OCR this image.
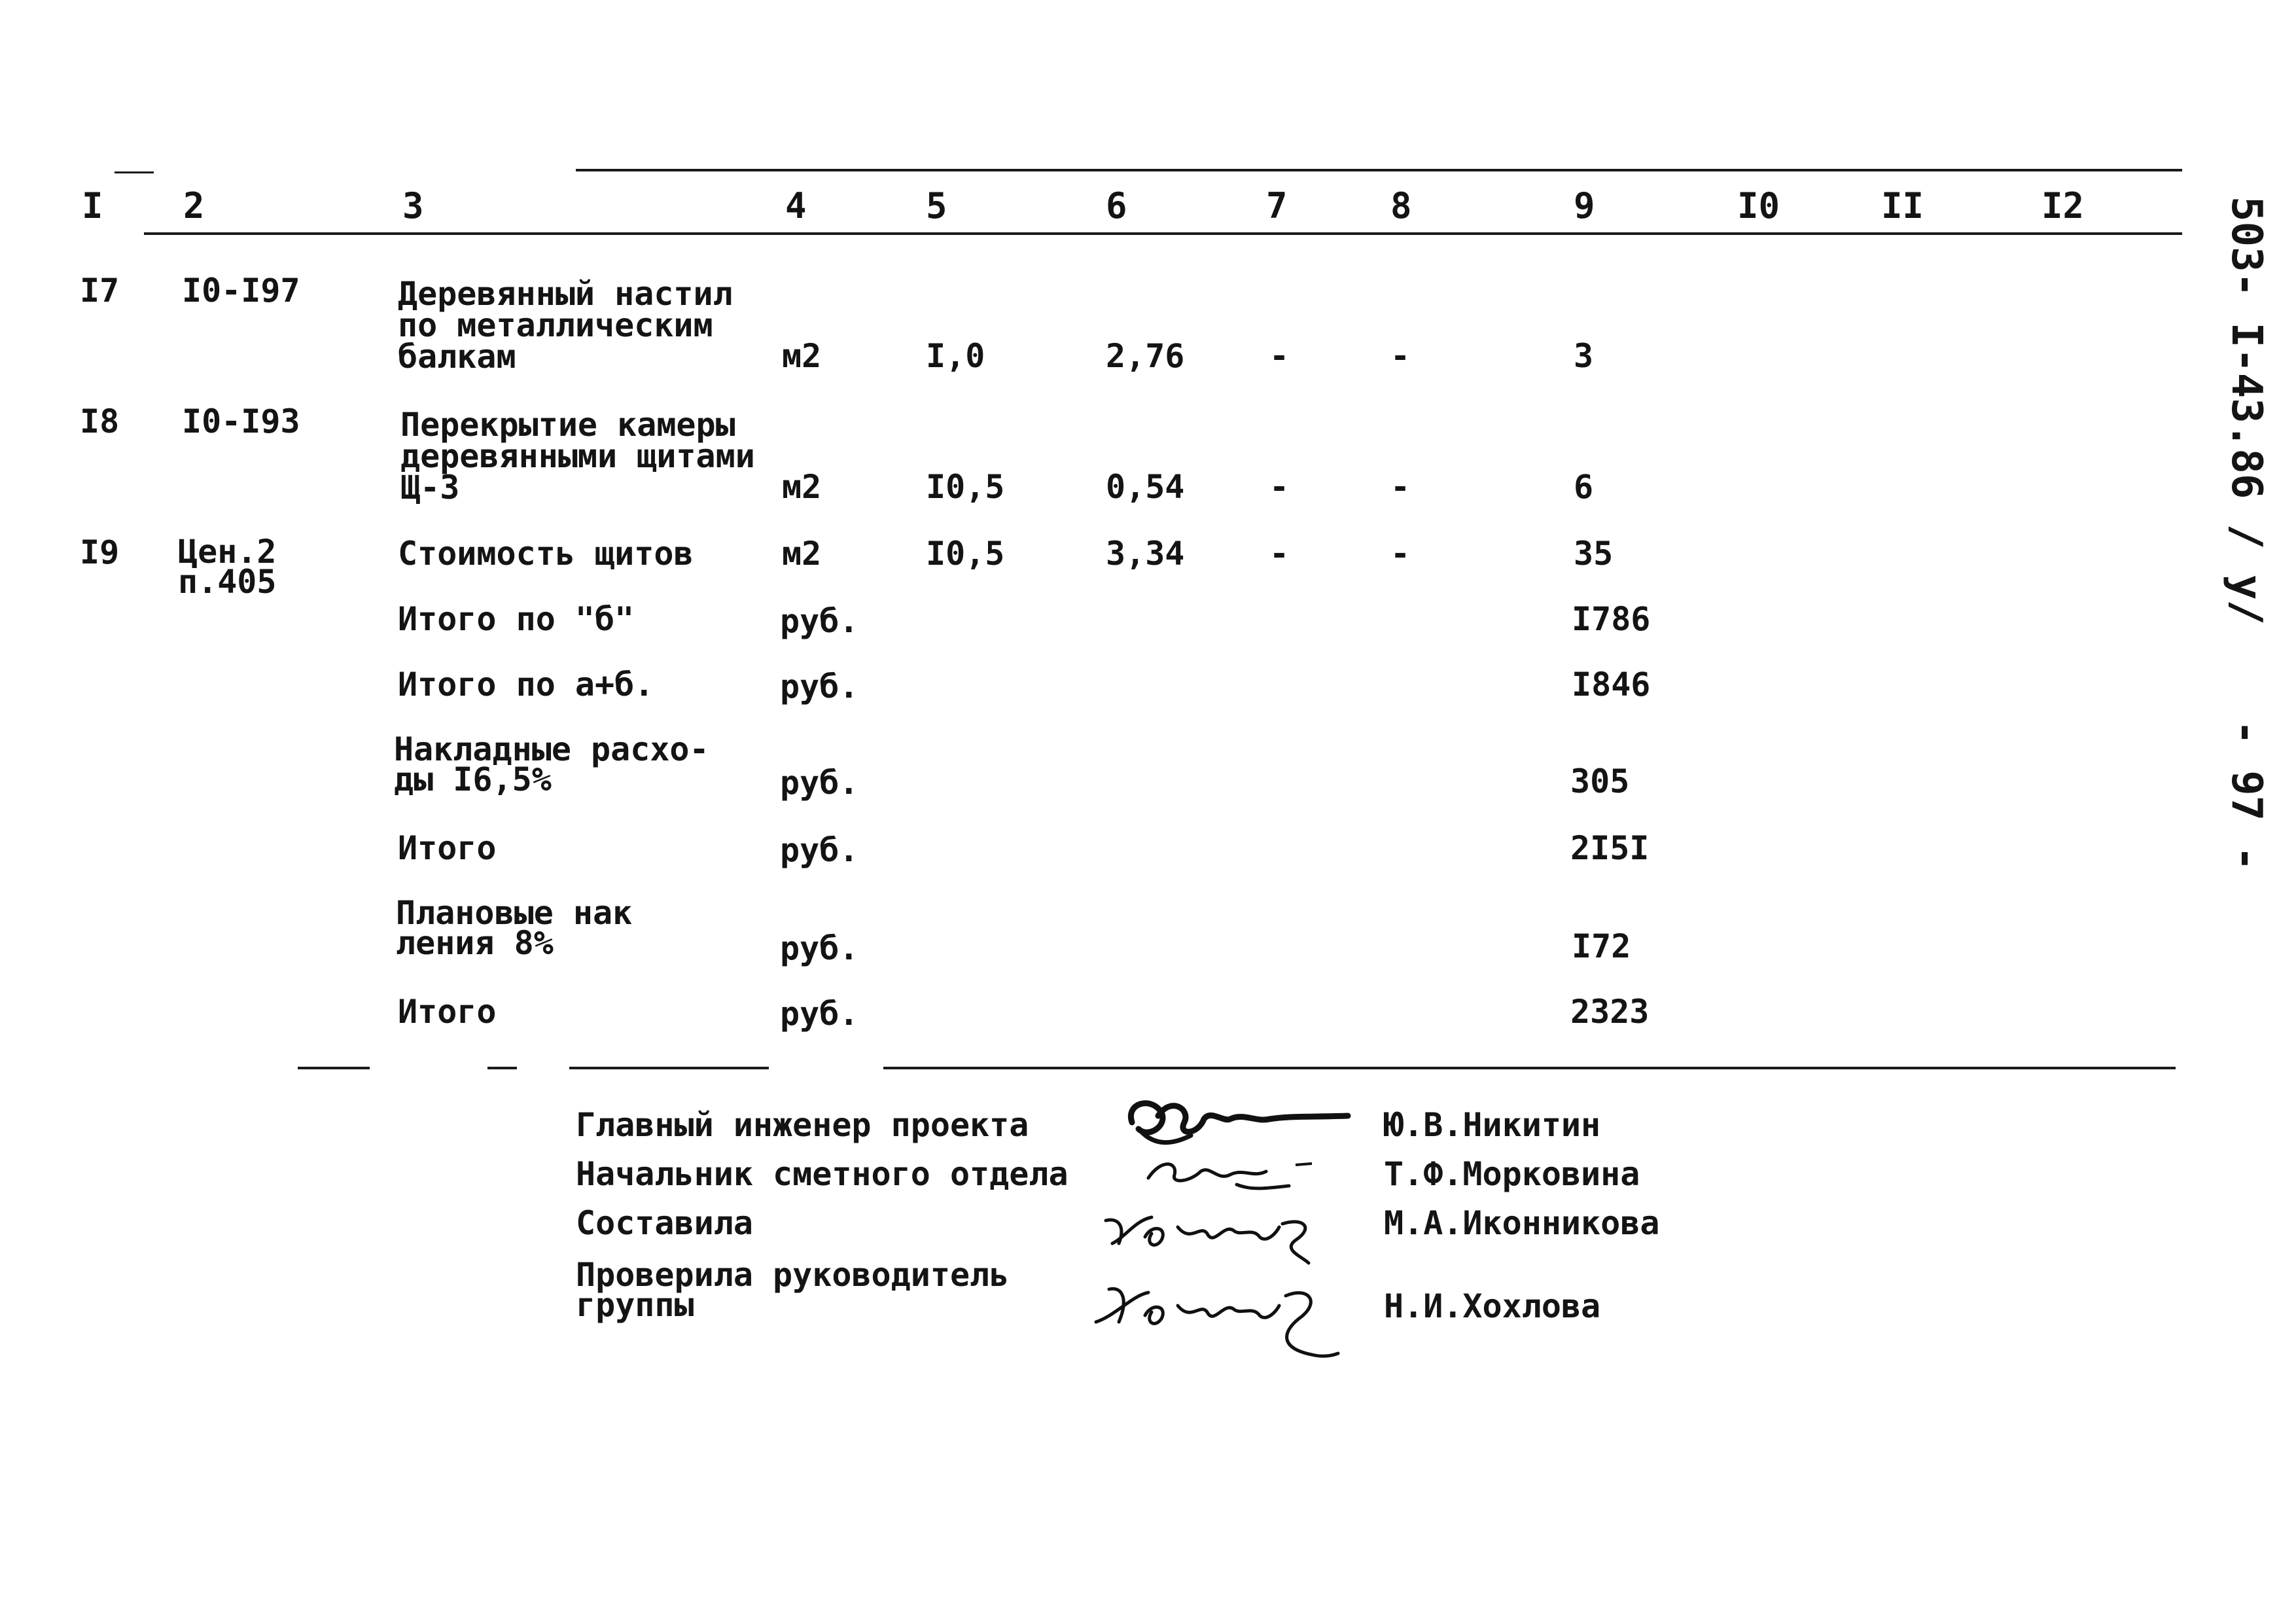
I 2	3	4	5	6	7	8	9	I0	II	I2
I7 I0-I97	Деревянный настил
по металлическим
балкам	м2	I,0	2,76	-	-	3
I8 I0-I93	Перекрытие камеры
деревянными щитами
Щ-3	м2	I0,5	0,54	-	-	6
I9 Цен.2
п.405
Стоимость щитов	м2	I0,5	3,34	-	-	35
Итого по "б"	руб.	I786
Итого по а+б.	руб.	I846
Накладные расхо-
ды I6,5%	руб.	305
Итого	руб.	2I5I
Плановые нак
ления 8%	руб.	I72
Итого	руб.	2323
Главный инженер проекта
Начальник сметного отдела
Составила
Проверила руководитель
группы
Ю.В.Никитин
Т.Ф.Морковина
М.А.Иконникова
Н.И.Хохлова
503- I-43.86 / у/
- 97 -
